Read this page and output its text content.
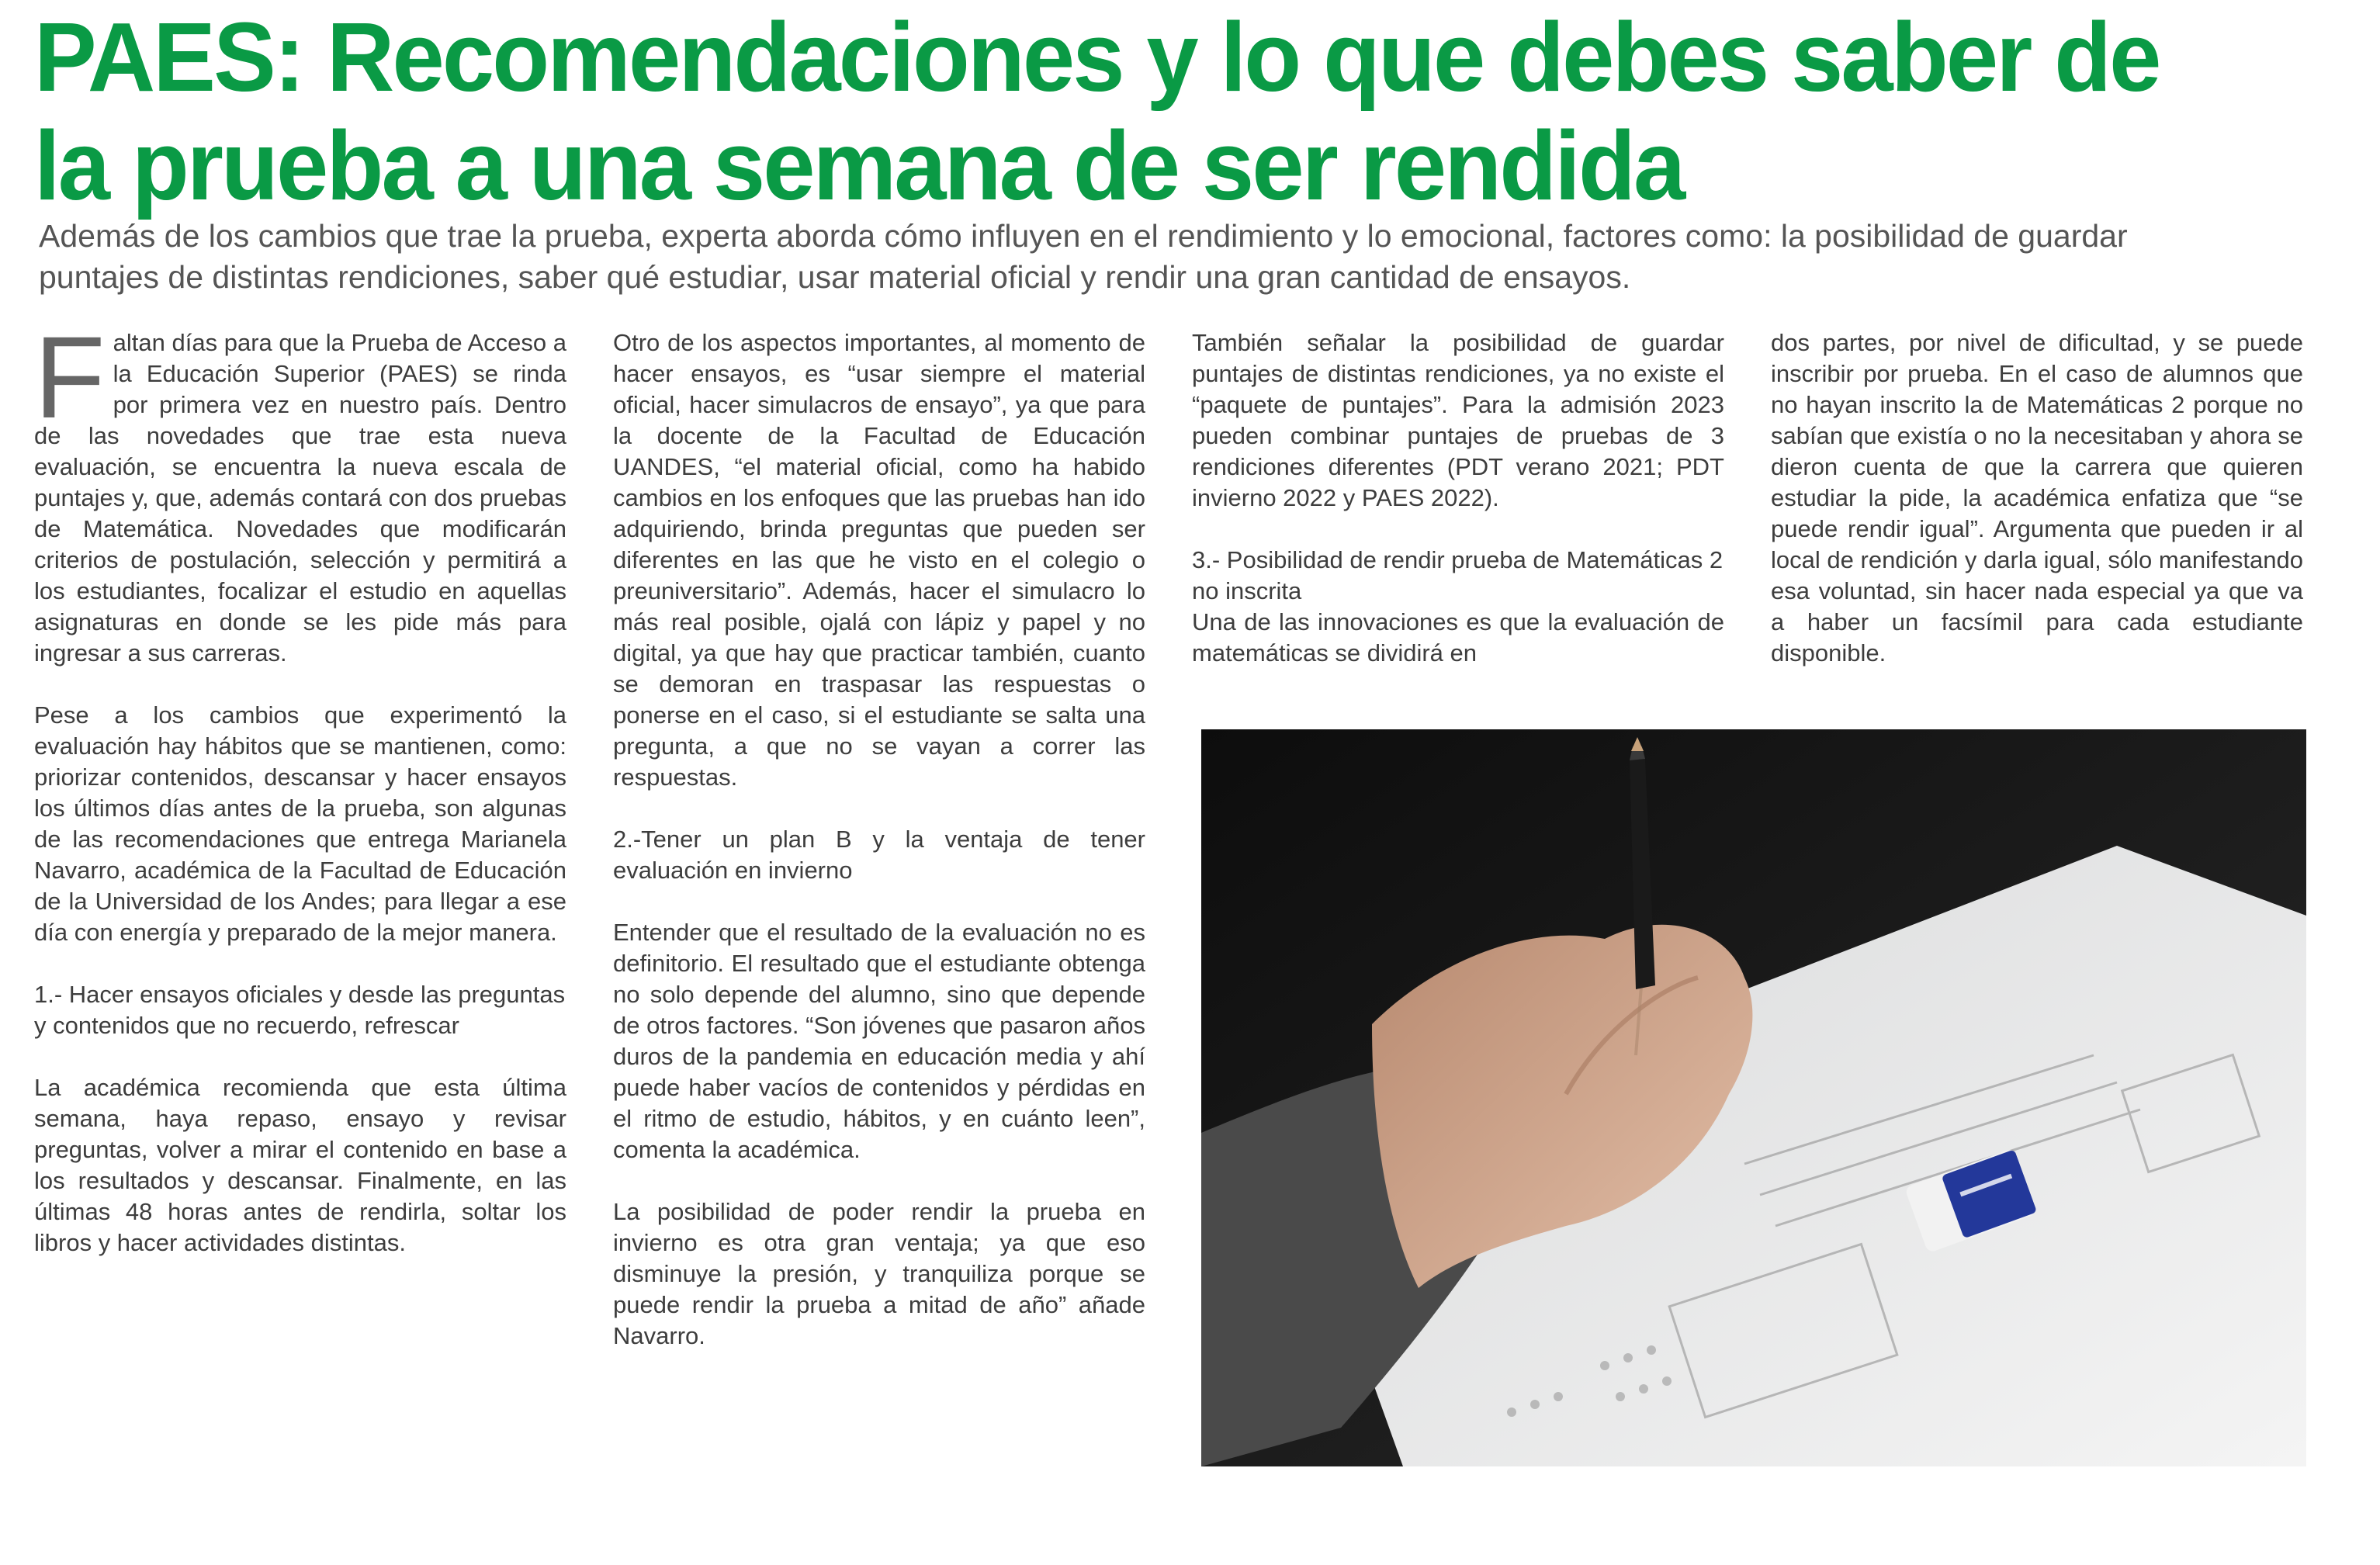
PAES: Recomendaciones y lo que debes saber de
la prueba a una semana de ser rendida

Además de los cambios que trae la prueba, experta aborda cómo influyen en el rendimiento y lo emocional, factores como: la posibilidad de guardar puntajes de distintas rendiciones, saber qué estudiar, usar material oficial y rendir una gran cantidad de ensayos.

Faltan días para que la Prueba de Acceso a la Educación Superior (PAES) se rinda por primera vez en nuestro país. Dentro de las novedades que trae esta nueva evaluación, se encuentra la nueva escala de puntajes y, que, además contará con dos pruebas de Matemática. Novedades que modificarán criterios de postulación, selección y permitirá a los estudiantes, focalizar el estudio en aquellas asignaturas en donde se les pide más para ingresar a sus carreras.

Pese a los cambios que experimentó la evaluación hay hábitos que se mantienen, como: priorizar contenidos, descansar y hacer ensayos los últimos días antes de la prueba, son algunas de las recomendaciones que entrega Marianela Navarro, académica de la Facultad de Educación de la Universidad de los Andes; para llegar a ese día con energía y preparado de la mejor manera.

1.- Hacer ensayos oficiales y desde las preguntas y contenidos que no recuerdo, refrescar

La académica recomienda que esta última semana, haya repaso, ensayo y revisar preguntas, volver a mirar el contenido en base a los resultados y descansar. Finalmente, en las últimas 48 horas antes de rendirla, soltar los libros y hacer actividades distintas.

Otro de los aspectos importantes, al momento de hacer ensayos, es “usar siempre el material oficial, hacer simulacros de ensayo”, ya que para la docente de la Facultad de Educación UANDES, “el material oficial, como ha habido cambios en los enfoques que las pruebas han ido adquiriendo, brinda preguntas que pueden ser diferentes en las que he visto en el colegio o preuniversitario”. Además, hacer el simulacro lo más real posible, ojalá con lápiz y papel y no digital, ya que hay que practicar también, cuanto se demoran en traspasar las respuestas o ponerse en el caso, si el estudiante se salta una pregunta, a que no se vayan a correr las respuestas.

2.-Tener un plan B y la ventaja de tener evaluación en invierno

Entender que el resultado de la evaluación no es definitorio. El resultado que el estudiante obtenga no solo depende del alumno, sino que depende de otros factores. “Son jóvenes que pasaron años duros de la pandemia en educación media y ahí puede haber vacíos de contenidos y pérdidas en el ritmo de estudio, hábitos, y en cuánto leen”, comenta la académica.

La posibilidad de poder rendir la prueba en invierno es otra gran ventaja; ya que eso disminuye la presión, y tranquiliza porque se puede rendir la prueba a mitad de año” añade Navarro.

También señalar la posibilidad de guardar puntajes de distintas rendiciones, ya no existe el “paquete de puntajes”. Para la admisión 2023 pueden combinar puntajes de pruebas de 3 rendiciones diferentes (PDT verano 2021; PDT invierno 2022 y PAES 2022).

3.- Posibilidad de rendir prueba de Matemáticas 2 no inscrita

Una de las innovaciones es que la evaluación de matemáticas se dividirá en

dos partes, por nivel de dificultad, y se puede inscribir por prueba. En el caso de alumnos que no hayan inscrito la de Matemáticas 2 porque no sabían que existía o no la necesitaban y ahora se dieron cuenta de que la carrera que quieren estudiar la pide, la académica enfatiza que “se puede rendir igual”. Argumenta que pueden ir al local de rendición y darla igual, sólo manifestando esa voluntad, sin hacer nada especial ya que va a haber un facsímil para cada estudiante disponible.
